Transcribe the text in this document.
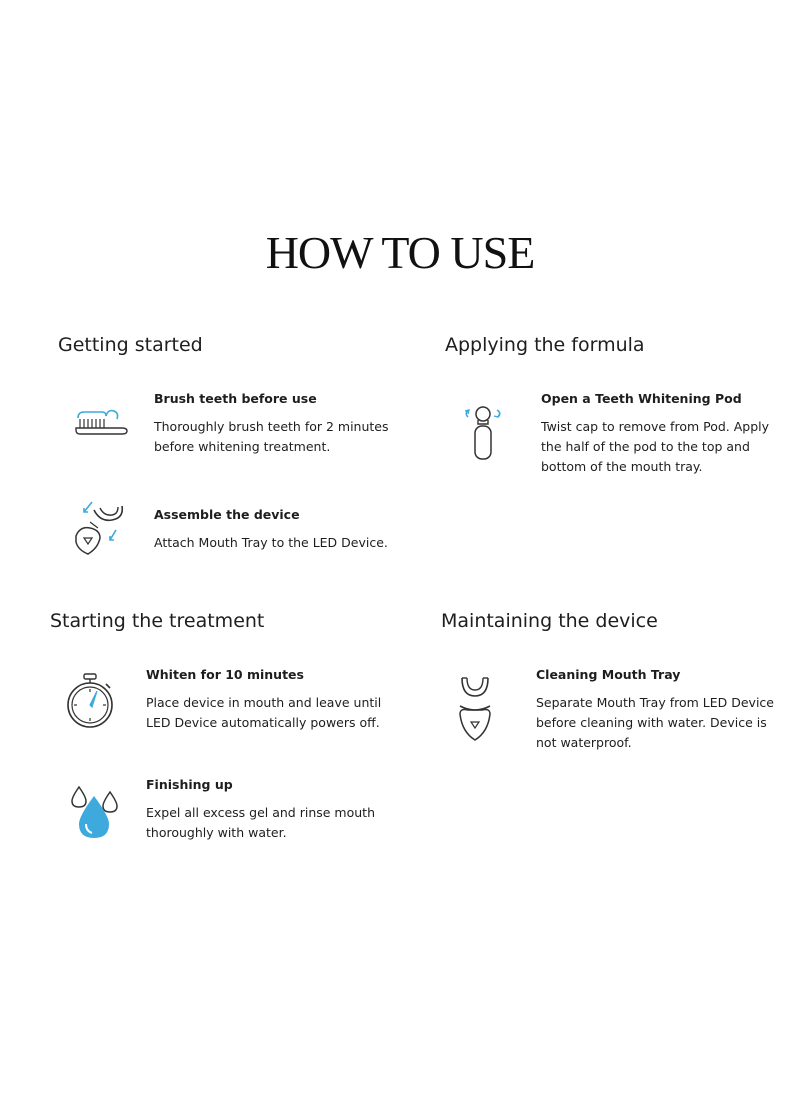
HOW TO USE
Getting started

Brush teeth before use

Thoroughly brush teeth for 2 minutes before whitening treatment.

Assemble the device

Attach Mouth Tray to the LED Device.

Applying the formula

Open a Teeth Whitening Pod

Twist cap to remove from Pod. Apply the half of the pod to the top and bottom of the mouth tray.

Starting the treatment

Whiten for 10 minutes

Place device in mouth and leave until LED Device automatically powers off.

Finishing up

Expel all excess gel and rinse mouth thoroughly with water.

Maintaining the device

Cleaning Mouth Tray

Separate Mouth Tray from LED Device before cleaning with water. Device is not waterproof.
